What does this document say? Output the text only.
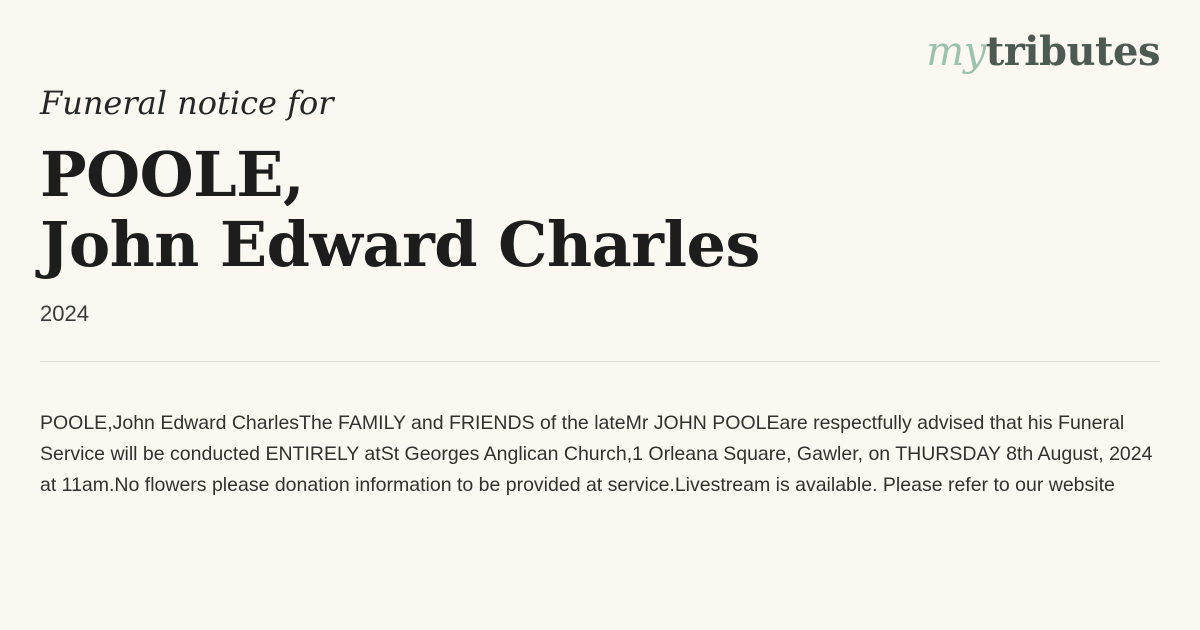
mytributes

Funeral notice for

POOLE,
John Edward Charles
2024

POOLE,John Edward CharlesThe FAMILY and FRIENDS of the lateMr JOHN POOLEare respectfully advised that his Funeral Service will be conducted ENTIRELY atSt Georges Anglican Church,1 Orleana Square, Gawler, on THURSDAY 8th August, 2024 at 11am.No flowers please donation information to be provided at service.Livestream is available. Please refer to our website
